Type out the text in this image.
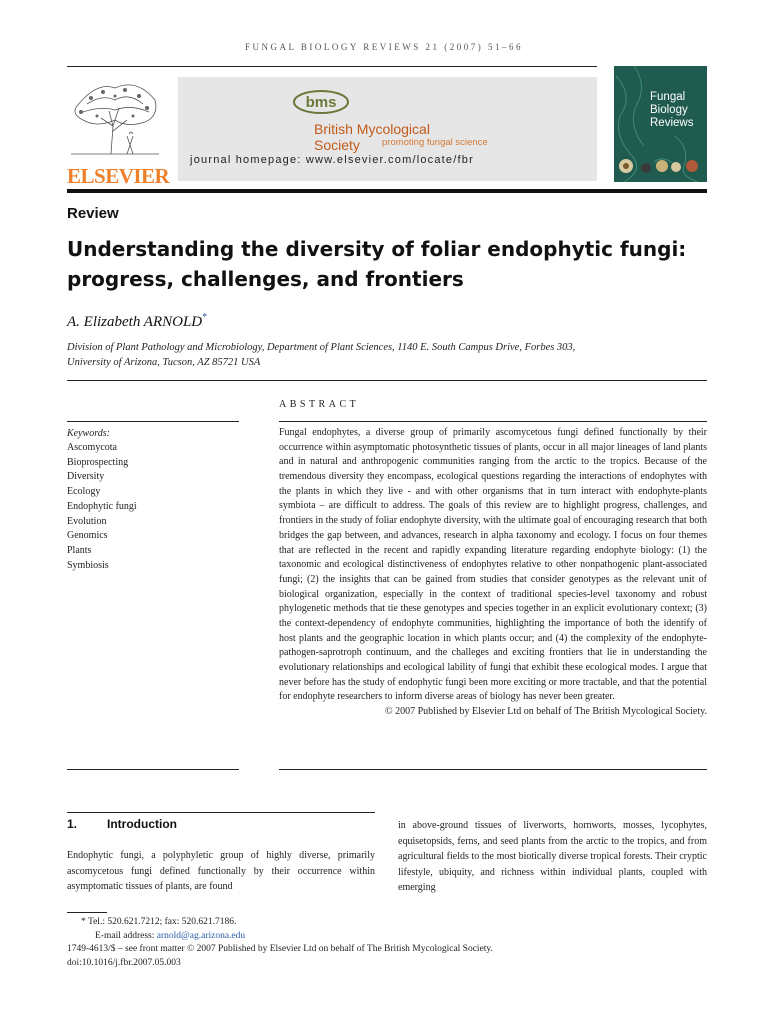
FUNGAL BIOLOGY REVIEWS 21 (2007) 51–66
ELSEVIER
bms
British Mycological
Society	promoting fungal science
journal homepage: www.elsevier.com/locate/fbr
Fungal
Biology
Reviews
Review
Understanding the diversity of foliar endophytic fungi:
progress, challenges, and frontiers
A. Elizabeth ARNOLD*
Division of Plant Pathology and Microbiology, Department of Plant Sciences, 1140 E. South Campus Drive, Forbes 303,
University of Arizona, Tucson, AZ 85721 USA
ABSTRACT
Keywords:
Ascomycota
Bioprospecting
Diversity
Ecology
Endophytic fungi
Evolution
Genomics
Plants
Symbiosis
Fungal endophytes, a diverse group of primarily ascomycetous fungi defined functionally by their occurrence within asymptomatic photosynthetic tissues of plants, occur in all major lineages of land plants and in natural and anthropogenic communities ranging from the arctic to the tropics. Because of the tremendous diversity they encompass, ecological questions regarding the interactions of endophytes with the plants in which they live - and with other organisms that in turn interact with endophyte-plants symbiota – are difficult to address. The goals of this review are to highlight progress, challenges, and frontiers in the study of foliar endophyte diversity, with the ultimate goal of encouraging research that both bridges the gap between, and advances, research in alpha taxonomy and ecology. I focus on four themes that are reflected in the recent and rapidly expanding literature regarding endophyte biology: (1) the taxonomic and ecological distinctiveness of endophytes relative to other nonpathogenic plant-associated fungi; (2) the insights that can be gained from studies that consider genotypes as the relevant unit of biological organization, especially in the context of traditional species-level taxonomy and robust phylogenetic methods that tie these genotypes and species together in an explicit evolutionary context; (3) the context-dependency of endophyte communities, highlighting the importance of both the identify of host plants and the geographic location in which plants occur; and (4) the complexity of the endophyte-pathogen-saprotroph continuum, and the challeges and exciting frontiers that lie in understanding the evolutionary relationships and ecological lability of fungi that exhibit these ecological modes. I argue that never before has the study of endophytic fungi been more exciting or more tractable, and that the potential for endophyte researchers to inform diverse areas of biology has never been greater.
© 2007 Published by Elsevier Ltd on behalf of The British Mycological Society.
1. Introduction
Endophytic fungi, a polyphyletic group of highly diverse, primarily ascomycetous fungi defined functionally by their occurrence within asymptomatic tissues of plants, are found
in above-ground tissues of liverworts, hornworts, mosses, lycophytes, equisetopsids, ferns, and seed plants from the arctic to the tropics, and from agricultural fields to the most biotically diverse tropical forests. Their cryptic lifestyle, ubiquity, and richness within individual plants, coupled with emerging
* Tel.: 520.621.7212; fax: 520.621.7186.
E-mail address: arnold@ag.arizona.edu
1749-4613/$ – see front matter © 2007 Published by Elsevier Ltd on behalf of The British Mycological Society.
doi:10.1016/j.fbr.2007.05.003
